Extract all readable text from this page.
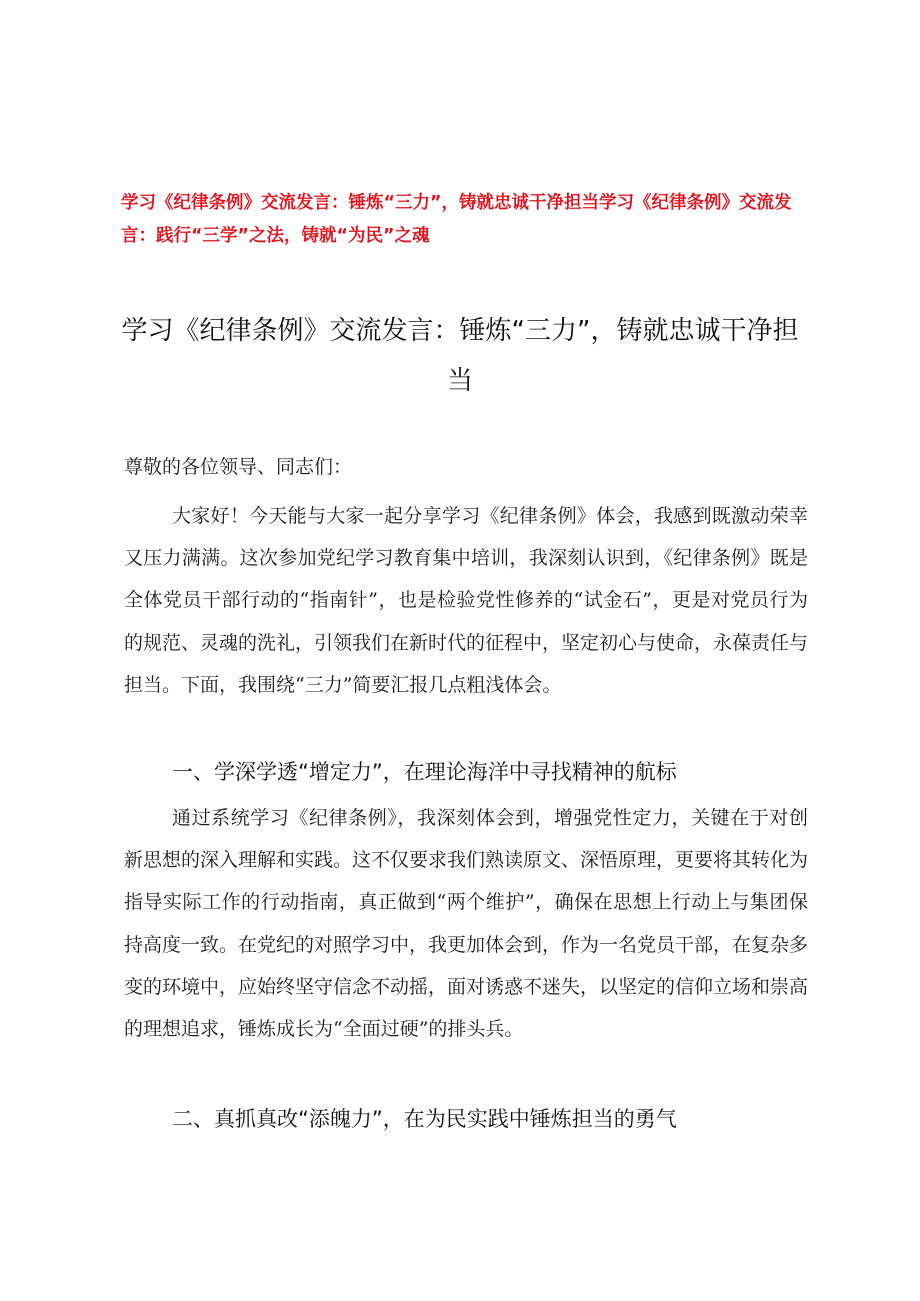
学习《纪律条例》交流发言：锤炼“三力”，铸就忠诚干净担当学习《纪律条例》交流发言：践行“三学”之法，铸就“为民”之魂
学习《纪律条例》交流发言：锤炼“三力”，铸就忠诚干净担当
尊敬的各位领导、同志们：
大家好！今天能与大家一起分享学习《纪律条例》体会，我感到既激动荣幸又压力满满。这次参加党纪学习教育集中培训，我深刻认识到，《纪律条例》既是全体党员干部行动的“指南针”，也是检验党性修养的“试金石”，更是对党员行为的规范、灵魂的洗礼，引领我们在新时代的征程中，坚定初心与使命，永葆责任与担当。下面，我围绕“三力”简要汇报几点粗浅体会。
一、学深学透“增定力”，在理论海洋中寻找精神的航标
通过系统学习《纪律条例》，我深刻体会到，增强党性定力，关键在于对创新思想的深入理解和实践。这不仅要求我们熟读原文、深悟原理，更要将其转化为指导实际工作的行动指南，真正做到“两个维护”，确保在思想上行动上与集团保持高度一致。在党纪的对照学习中，我更加体会到，作为一名党员干部，在复杂多变的环境中，应始终坚守信念不动摇，面对诱惑不迷失，以坚定的信仰立场和崇高的理想追求，锤炼成长为“全面过硬”的排头兵。
二、真抓真改“添魄力”，在为民实践中锤炼担当的勇气
